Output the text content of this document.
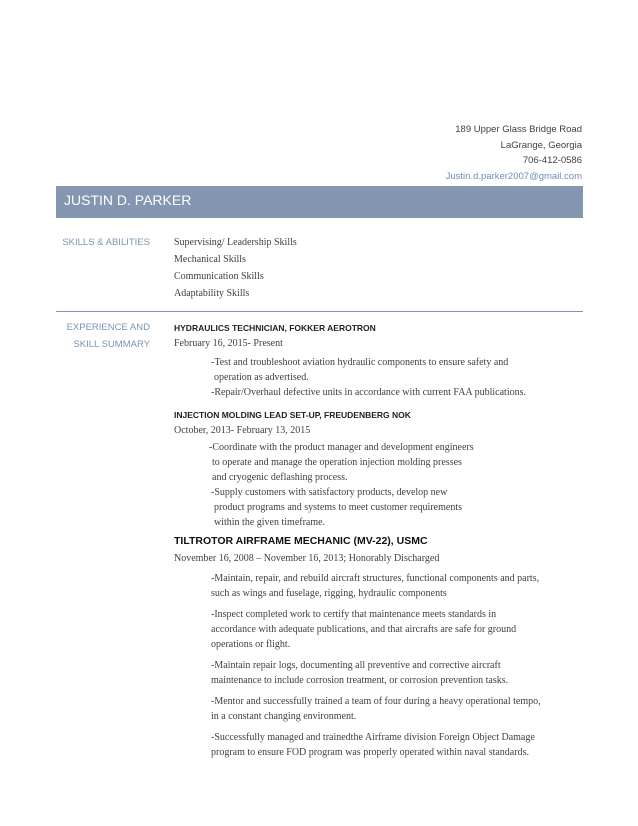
189 Upper Glass Bridge Road
LaGrange, Georgia
706-412-0586
Justin.d.parker2007@gmail.com
JUSTIN D. PARKER
SKILLS & ABILITIES Supervising/ Leadership Skills
Mechanical Skills
Communication Skills
Adaptability Skills
EXPERIENCE AND
SKILL SUMMARY
HYDRAULICS TECHNICIAN, FOKKER AEROTRON
February 16, 2015- Present
-Test and troubleshoot aviation hydraulic components to ensure safety and
operation as advertised.
-Repair/Overhaul defective units in accordance with current FAA publications.
INJECTION MOLDING LEAD SET-UP, FREUDENBERG NOK
October, 2013- February 13, 2015
-Coordinate with the product manager and development engineers
to operate and manage the operation injection molding presses
and cryogenic deflashing process.
-Supply customers with satisfactory products, develop new
product programs and systems to meet customer requirements
within the given timeframe.
TILTROTOR AIRFRAME MECHANIC (MV-22), USMC
November 16, 2008 – November 16, 2013; Honorably Discharged
-Maintain, repair, and rebuild aircraft structures, functional components and parts,
such as wings and fuselage, rigging, hydraulic components
-Inspect completed work to certify that maintenance meets standards in
accordance with adequate publications, and that aircrafts are safe for ground
operations or flight.
-Maintain repair logs, documenting all preventive and corrective aircraft
maintenance to include corrosion treatment, or corrosion prevention tasks.
-Mentor and successfully trained a team of four during a heavy operational tempo,
in a constant changing environment.
-Successfully managed and trainedthe Airframe division Foreign Object Damage
program to ensure FOD program was properly operated within naval standards.
